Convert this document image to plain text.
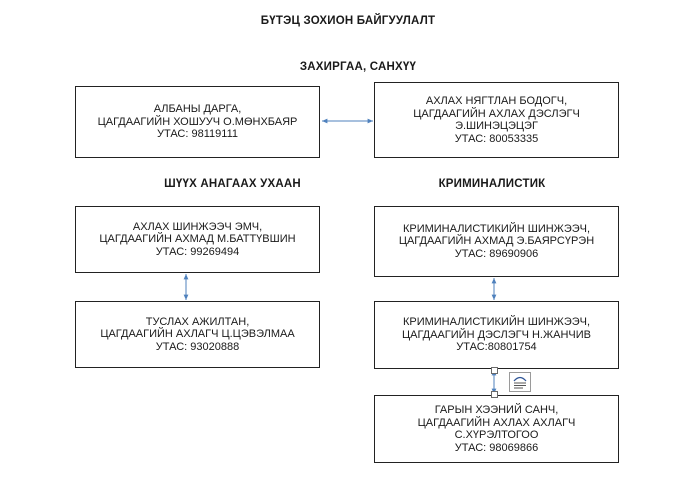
БҮТЭЦ ЗОХИОН БАЙГУУЛАЛТ
ЗАХИРГАА, САНХҮҮ
ШҮҮХ АНАГААХ УХААН	КРИМИНАЛИСТИК
АЛБАНЫ ДАРГА,
ЦАГДААГИЙН ХОШУУЧ О.МӨНХБАЯР
УТАС: 98119111
АХЛАХ НЯГТЛАН БОДОГЧ,
ЦАГДААГИЙН АХЛАХ ДЭСЛЭГЧ
Э.ШИНЭЦЭЦЭГ
УТАС: 80053335
АХЛАХ ШИНЖЭЭЧ ЭМЧ,
ЦАГДААГИЙН АХМАД М.БАТТҮВШИН
УТАС: 99269494
ТУСЛАХ АЖИЛТАН,
ЦАГДААГИЙН АХЛАГЧ Ц.ЦЭВЭЛМАА
УТАС: 93020888
КРИМИНАЛИСТИКИЙН ШИНЖЭЭЧ,
ЦАГДААГИЙН АХМАД Э.БАЯРСҮРЭН
УТАС: 89690906
КРИМИНАЛИСТИКИЙН ШИНЖЭЭЧ,
ЦАГДААГИЙН ДЭСЛЭГЧ Н.ЖАНЧИВ
УТАС:80801754
ГАРЫН ХЭЭНИЙ САНЧ,
ЦАГДААГИЙН АХЛАХ АХЛАГЧ
С.ХҮРЭЛТОГОО
УТАС: 98069866
